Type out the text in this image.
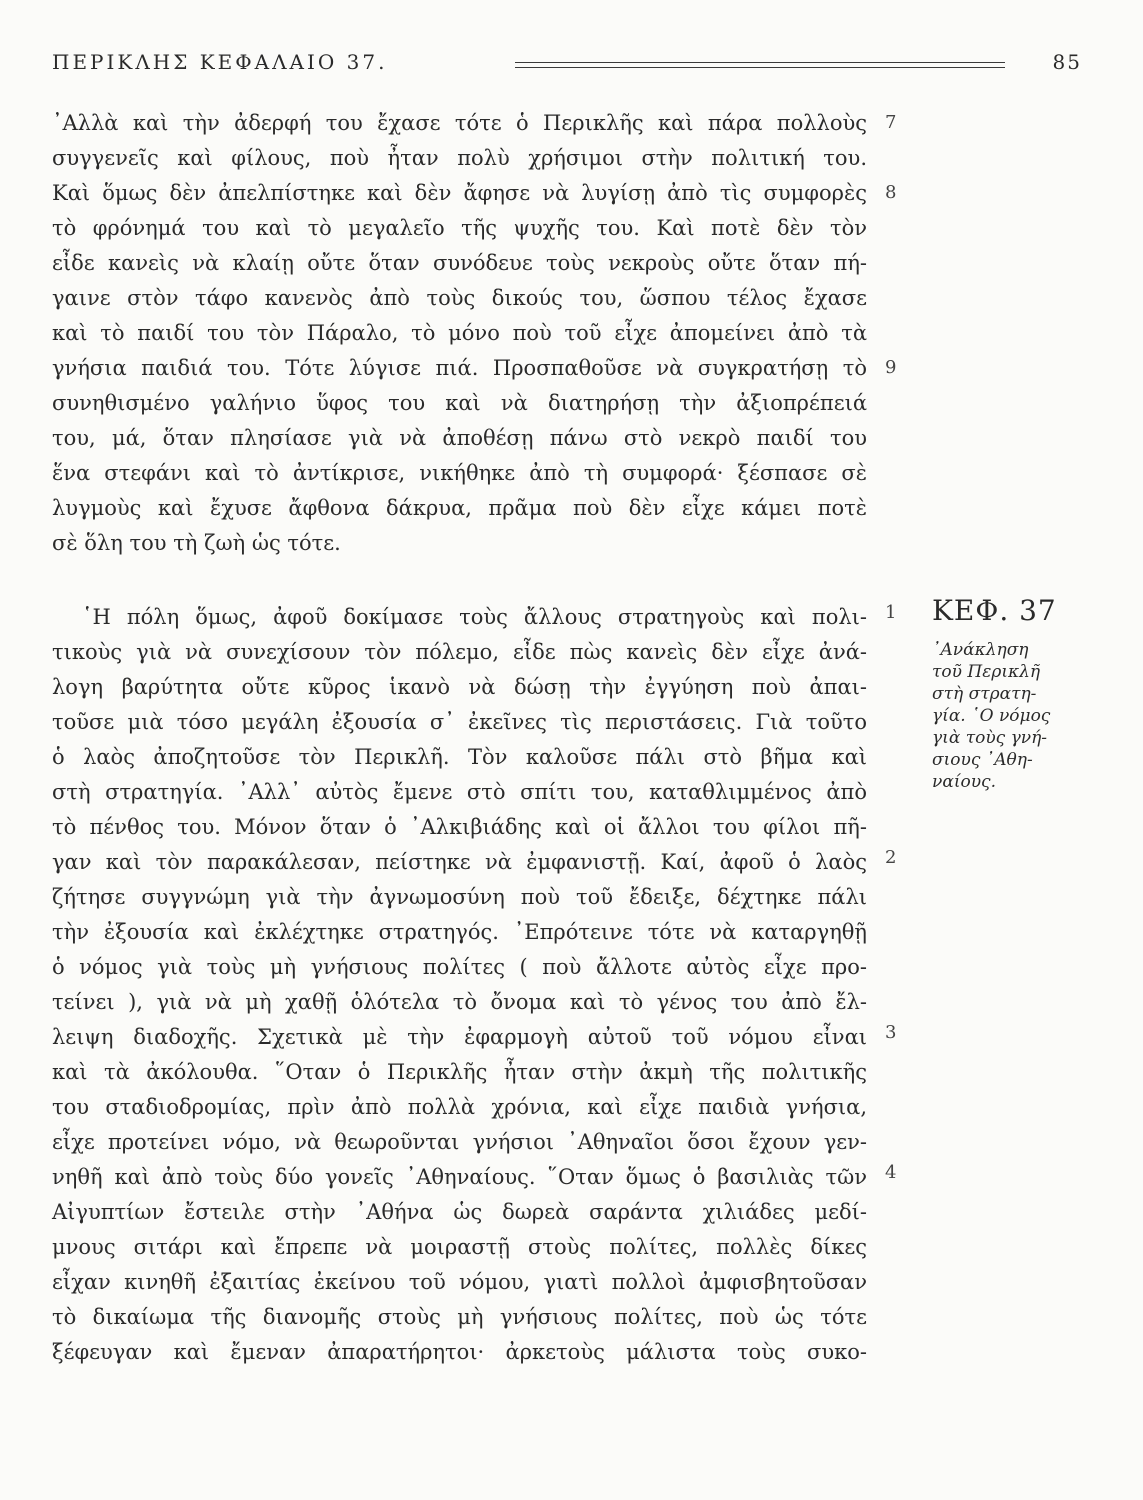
ΠΕΡΙΚΛΗΣ ΚΕΦΑΛΑΙΟ 37.	85
᾿Αλλὰ καὶ τὴν ἀδερφή του ἔχασε τότε ὁ Περικλῆς καὶ πάρα πολλοὺς
συγγενεῖς καὶ φίλους, ποὺ ἦταν πολὺ χρήσιμοι στὴν πολιτική του.
Καὶ ὅμως δὲν ἀπελπίστηκε καὶ δὲν ἄφησε νὰ λυγίσῃ ἀπὸ τὶς συμφορὲς
τὸ φρόνημά του καὶ τὸ μεγαλεῖο τῆς ψυχῆς του. Καὶ ποτὲ δὲν τὸν
εἶδε κανεὶς νὰ κλαίῃ οὔτε ὅταν συνόδευε τοὺς νεκροὺς οὔτε ὅταν πή-
γαινε στὸν τάφο κανενὸς ἀπὸ τοὺς δικούς του, ὥσπου τέλος ἔχασε
καὶ τὸ παιδί του τὸν Πάραλο, τὸ μόνο ποὺ τοῦ εἶχε ἀπομείνει ἀπὸ τὰ
γνήσια παιδιά του. Τότε λύγισε πιά. Προσπαθοῦσε νὰ συγκρατήσῃ τὸ
συνηθισμένο γαλήνιο ὕφος του καὶ νὰ διατηρήσῃ τὴν ἀξιοπρέπειά
του, μά, ὅταν πλησίασε γιὰ νὰ ἀποθέσῃ πάνω στὸ νεκρὸ παιδί του
ἕνα στεφάνι καὶ τὸ ἀντίκρισε, νικήθηκε ἀπὸ τὴ συμφορά· ξέσπασε σὲ
λυγμοὺς καὶ ἔχυσε ἄφθονα δάκρυα, πρᾶμα ποὺ δὲν εἶχε κάμει ποτὲ
σὲ ὅλη του τὴ ζωὴ ὡς τότε.
῾Η πόλη ὅμως, ἀφοῦ δοκίμασε τοὺς ἄλλους στρατηγοὺς καὶ πολι-
τικοὺς γιὰ νὰ συνεχίσουν τὸν πόλεμο, εἶδε πὼς κανεὶς δὲν εἶχε ἀνά-
λογη βαρύτητα οὔτε κῦρος ἱκανὸ νὰ δώσῃ τὴν ἐγγύηση ποὺ ἀπαι-
τοῦσε μιὰ τόσο μεγάλη ἐξουσία σ᾿ ἐκεῖνες τὶς περιστάσεις. Γιὰ τοῦτο
ὁ λαὸς ἀποζητοῦσε τὸν Περικλῆ. Τὸν καλοῦσε πάλι στὸ βῆμα καὶ
στὴ στρατηγία. ᾿Αλλ᾿ αὐτὸς ἔμενε στὸ σπίτι του, καταθλιμμένος ἀπὸ
τὸ πένθος του. Μόνον ὅταν ὁ ᾿Αλκιβιάδης καὶ οἱ ἄλλοι του φίλοι πῆ-
γαν καὶ τὸν παρακάλεσαν, πείστηκε νὰ ἐμφανιστῇ. Καί, ἀφοῦ ὁ λαὸς
ζήτησε συγγνώμη γιὰ τὴν ἀγνωμοσύνη ποὺ τοῦ ἔδειξε, δέχτηκε πάλι
τὴν ἐξουσία καὶ ἐκλέχτηκε στρατηγός. ᾿Επρότεινε τότε νὰ καταργηθῇ
ὁ νόμος γιὰ τοὺς μὴ γνήσιους πολίτες ( ποὺ ἄλλοτε αὐτὸς εἶχε προ-
τείνει ), γιὰ νὰ μὴ χαθῇ ὁλότελα τὸ ὄνομα καὶ τὸ γένος του ἀπὸ ἔλ-
λειψη διαδοχῆς. Σχετικὰ μὲ τὴν ἐφαρμογὴ αὐτοῦ τοῦ νόμου εἶναι
καὶ τὰ ἀκόλουθα. ῞Οταν ὁ Περικλῆς ἦταν στὴν ἀκμὴ τῆς πολιτικῆς
του σταδιοδρομίας, πρὶν ἀπὸ πολλὰ χρόνια, καὶ εἶχε παιδιὰ γνήσια,
εἶχε προτείνει νόμο, νὰ θεωροῦνται γνήσιοι ᾿Αθηναῖοι ὅσοι ἔχουν γεν-
νηθῆ καὶ ἀπὸ τοὺς δύο γονεῖς ᾿Αθηναίους. ῞Οταν ὅμως ὁ βασιλιὰς τῶν
Αἰγυπτίων ἔστειλε στὴν ᾿Αθήνα ὡς δωρεὰ σαράντα χιλιάδες μεδί-
μνους σιτάρι καὶ ἔπρεπε νὰ μοιραστῇ στοὺς πολίτες, πολλὲς δίκες
εἶχαν κινηθῆ ἐξαιτίας ἐκείνου τοῦ νόμου, γιατὶ πολλοὶ ἀμφισβητοῦσαν
τὸ δικαίωμα τῆς διανομῆς στοὺς μὴ γνήσιους πολίτες, ποὺ ὡς τότε
ξέφευγαν καὶ ἔμεναν ἀπαρατήρητοι· ἀρκετοὺς μάλιστα τοὺς συκο-
7
8
9
1
2
3
4
ΚΕΦ. 37
᾿Ανάκληση
τοῦ Περικλῆ
στὴ στρατη-
γία. ῾Ο νόμος
γιὰ τοὺς γνή-
σιους ᾿Αθη-
ναίους.
